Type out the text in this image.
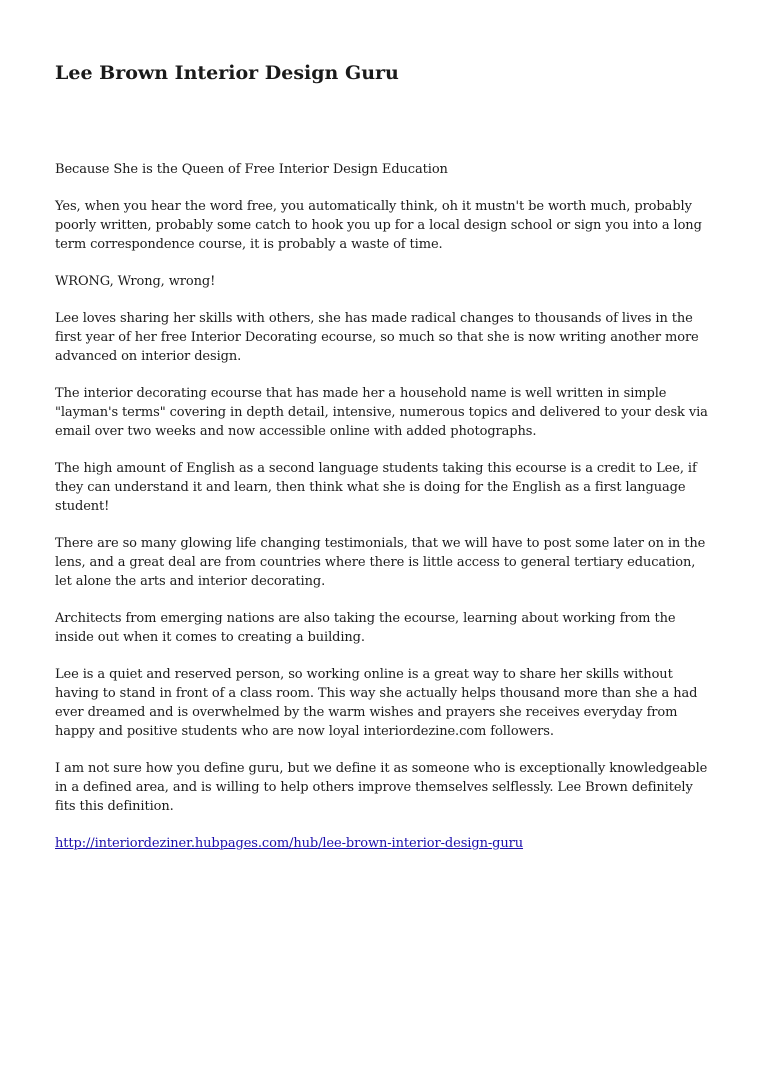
Lee Brown Interior Design Guru

Because She is the Queen of Free Interior Design Education

Yes, when you hear the word free, you automatically think, oh it mustn't be worth much, probably poorly written, probably some catch to hook you up for a local design school or sign you into a long term correspondence course, it is probably a waste of time.

WRONG, Wrong, wrong!

Lee loves sharing her skills with others, she has made radical changes to thousands of lives in the first year of her free Interior Decorating ecourse, so much so that she is now writing another more advanced on interior design.

The interior decorating ecourse that has made her a household name is well written in simple "layman's terms" covering in depth detail, intensive, numerous topics and delivered to your desk via email over two weeks and now accessible online with added photographs.

The high amount of English as a second language students taking this ecourse is a credit to Lee, if they can understand it and learn, then think what she is doing for the English as a first language student!

There are so many glowing life changing testimonials, that we will have to post some later on in the lens, and a great deal are from countries where there is little access to general tertiary education, let alone the arts and interior decorating.

Architects from emerging nations are also taking the ecourse, learning about working from the inside out when it comes to creating a building.

Lee is a quiet and reserved person, so working online is a great way to share her skills without having to stand in front of a class room. This way she actually helps thousand more than she a had ever dreamed and is overwhelmed by the warm wishes and prayers she receives everyday from happy and positive students who are now loyal interiordezine.com followers.

I am not sure how you define guru, but we define it as someone who is exceptionally knowledgeable in a defined area, and is willing to help others improve themselves selflessly. Lee Brown definitely fits this definition.

http://interiordeziner.hubpages.com/hub/lee-brown-interior-design-guru
